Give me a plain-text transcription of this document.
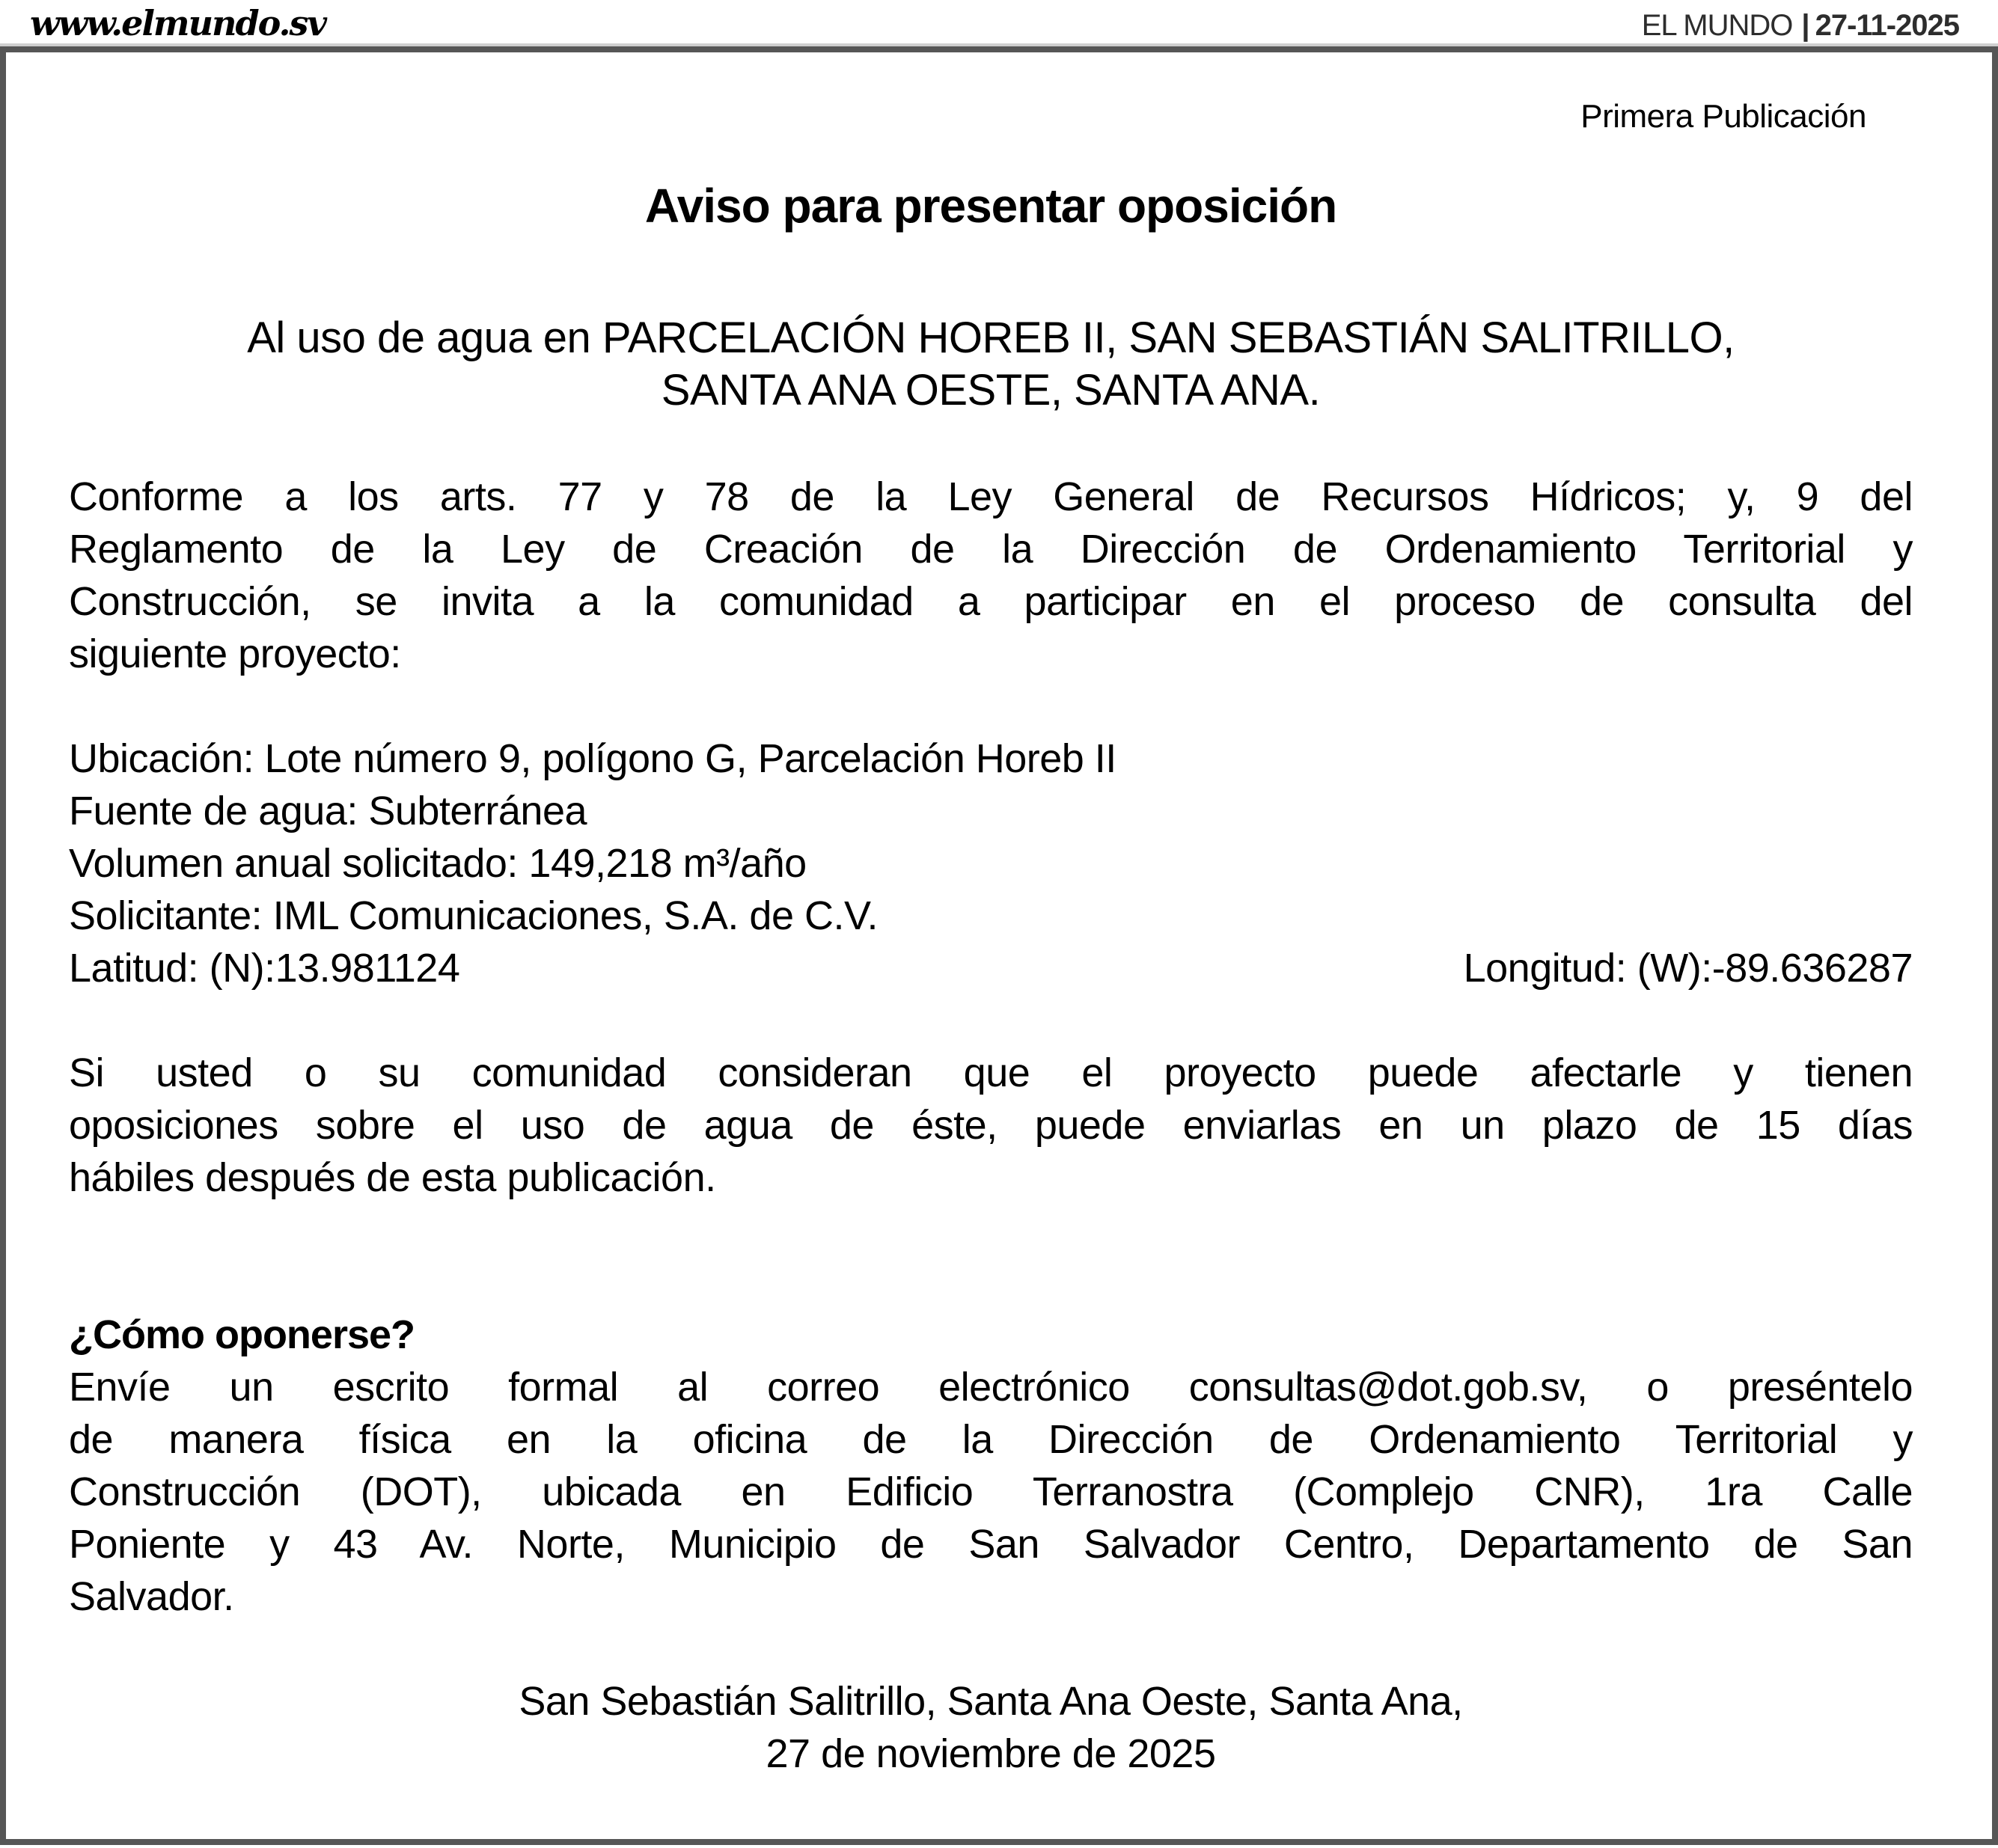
www.elmundo.sv	EL MUNDO | 27-11-2025
Primera Publicación
Aviso para presentar oposición
Al uso de agua en PARCELACIÓN HOREB II, SAN SEBASTIÁN SALITRILLO,
SANTA ANA OESTE, SANTA ANA.
Conforme a los arts. 77 y 78 de la Ley General de Recursos Hídricos; y, 9 del
Reglamento de la Ley de Creación de la Dirección de Ordenamiento Territorial y
Construcción, se invita a la comunidad a participar en el proceso de consulta del
siguiente proyecto:
Ubicación: Lote número 9, polígono G, Parcelación Horeb II
Fuente de agua: Subterránea
Volumen anual solicitado: 149,218 m³/año
Solicitante: IML Comunicaciones, S.A. de C.V.
Latitud: (N):13.981124	Longitud: (W):-89.636287
Si usted o su comunidad consideran que el proyecto puede afectarle y tienen
oposiciones sobre el uso de agua de éste, puede enviarlas en un plazo de 15 días
hábiles después de esta publicación.
¿Cómo oponerse?
Envíe un escrito formal al correo electrónico consultas@dot.gob.sv, o preséntelo
de manera física en la oficina de la Dirección de Ordenamiento Territorial y
Construcción (DOT), ubicada en Edificio Terranostra (Complejo CNR), 1ra Calle
Poniente y 43 Av. Norte, Municipio de San Salvador Centro, Departamento de San
Salvador.
San Sebastián Salitrillo, Santa Ana Oeste, Santa Ana,
27 de noviembre de 2025
